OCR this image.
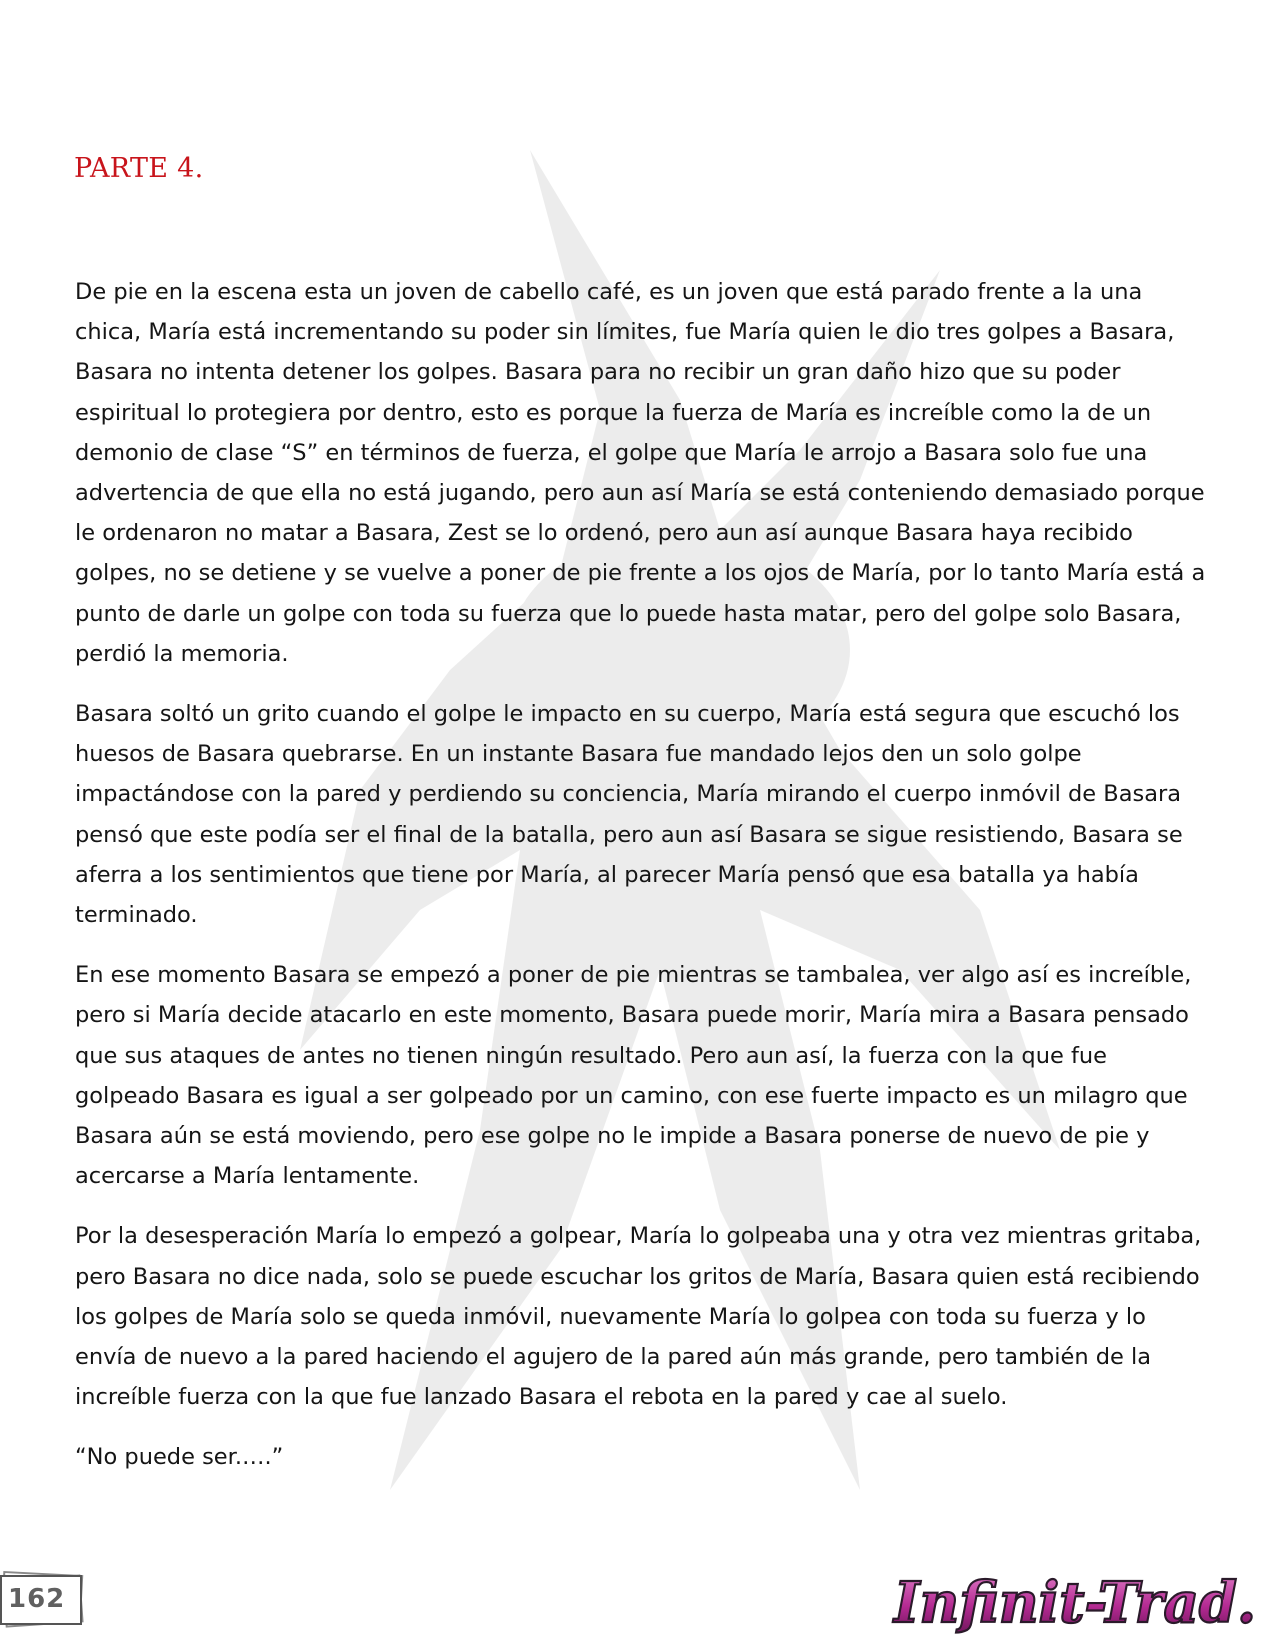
PARTE 4.

De pie en la escena esta un joven de cabello café, es un joven que está parado frente a la una chica, María está incrementando su poder sin límites, fue María quien le dio tres golpes a Basara, Basara no intenta detener los golpes. Basara para no recibir un gran daño hizo que su poder espiritual lo protegiera por dentro, esto es porque la fuerza de María es increíble como la de un demonio de clase “S” en términos de fuerza, el golpe que María le arrojo a Basara solo fue una advertencia de que ella no está jugando, pero aun así María se está conteniendo demasiado porque le ordenaron no matar a Basara, Zest se lo ordenó, pero aun así aunque Basara haya recibido golpes, no se detiene y se vuelve a poner de pie frente a los ojos de María, por lo tanto María está a punto de darle un golpe con toda su fuerza que lo puede hasta matar, pero del golpe solo Basara, perdió la memoria.

Basara soltó un grito cuando el golpe le impacto en su cuerpo, María está segura que escuchó los huesos de Basara quebrarse. En un instante Basara fue mandado lejos den un solo golpe impactándose con la pared y perdiendo su conciencia, María mirando el cuerpo inmóvil de Basara pensó que este podía ser el final de la batalla, pero aun así Basara se sigue resistiendo, Basara se aferra a los sentimientos que tiene por María, al parecer María pensó que esa batalla ya había terminado.

En ese momento Basara se empezó a poner de pie mientras se tambalea, ver algo así es increíble, pero si María decide atacarlo en este momento, Basara puede morir, María mira a Basara pensado que sus ataques de antes no tienen ningún resultado. Pero aun así, la fuerza con la que fue golpeado Basara es igual a ser golpeado por un camino, con ese fuerte impacto es un milagro que Basara aún se está moviendo, pero ese golpe no le impide a Basara ponerse de nuevo de pie y acercarse a María lentamente.

Por la desesperación María lo empezó a golpear, María lo golpeaba una y otra vez mientras gritaba, pero Basara no dice nada, solo se puede escuchar los gritos de María, Basara quien está recibiendo los golpes de María solo se queda inmóvil, nuevamente María lo golpea con toda su fuerza y lo envía de nuevo a la pared haciendo el agujero de la pared aún más grande, pero también de la increíble fuerza con la que fue lanzado Basara el rebota en la pared y cae al suelo.

“No puede ser.….”

162	Infinit-Trad.
